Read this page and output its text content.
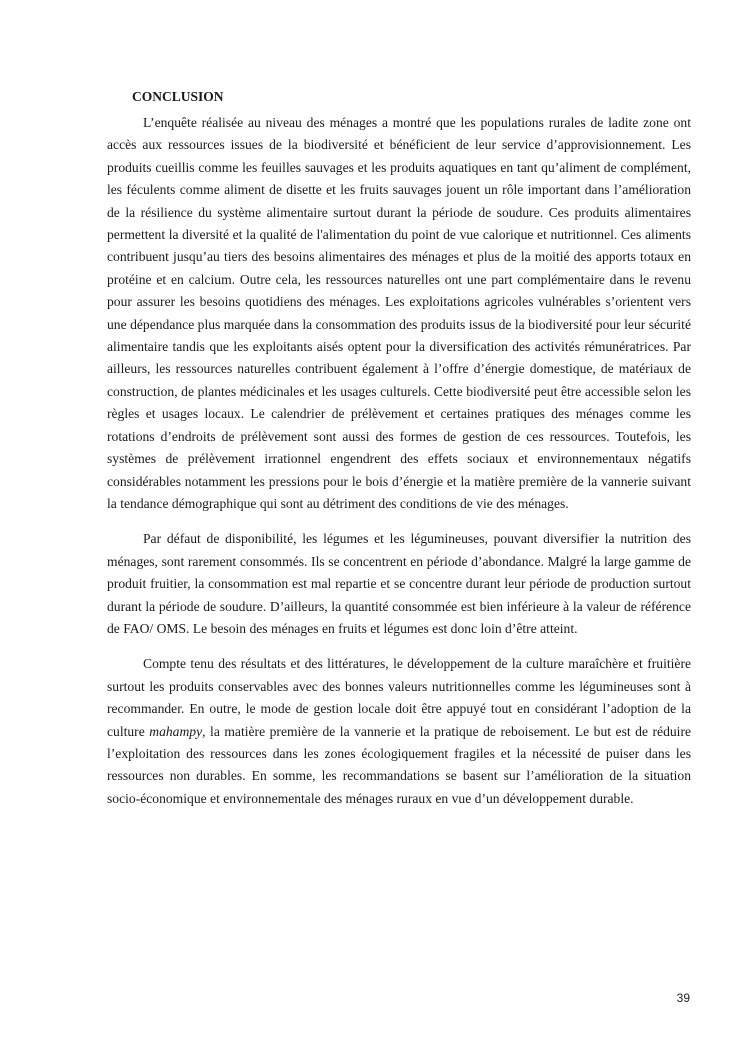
CONCLUSION

L’enquête réalisée au niveau des ménages a montré que les populations rurales de ladite zone ont accès aux ressources issues de la biodiversité et bénéficient de leur service d’approvisionnement. Les produits cueillis comme les feuilles sauvages et les produits aquatiques en tant qu’aliment de complément, les féculents comme aliment de disette et les fruits sauvages jouent un rôle important dans l’amélioration de la résilience du système alimentaire surtout durant la période de soudure. Ces produits alimentaires permettent la diversité et la qualité de l'alimentation du point de vue calorique et nutritionnel. Ces aliments contribuent jusqu’au tiers des besoins alimentaires des ménages et plus de la moitié des apports totaux en protéine et en calcium. Outre cela, les ressources naturelles ont une part complémentaire dans le revenu pour assurer les besoins quotidiens des ménages. Les exploitations agricoles vulnérables s’orientent vers une dépendance plus marquée dans la consommation des produits issus de la biodiversité pour leur sécurité alimentaire tandis que les exploitants aisés optent pour la diversification des activités rémunératrices. Par ailleurs, les ressources naturelles contribuent également à l’offre d’énergie domestique, de matériaux de construction, de plantes médicinales et les usages culturels. Cette biodiversité peut être accessible selon les règles et usages locaux. Le calendrier de prélèvement et certaines pratiques des ménages comme les rotations d’endroits de prélèvement sont aussi des formes de gestion de ces ressources. Toutefois, les systèmes de prélèvement irrationnel engendrent des effets sociaux et environnementaux négatifs considérables notamment les pressions pour le bois d’énergie et la matière première de la vannerie suivant la tendance démographique qui sont au détriment des conditions de vie des ménages.

Par défaut de disponibilité, les légumes et les légumineuses, pouvant diversifier la nutrition des ménages, sont rarement consommés. Ils se concentrent en période d’abondance. Malgré la large gamme de produit fruitier, la consommation est mal repartie et se concentre durant leur période de production surtout durant la période de soudure. D’ailleurs, la quantité consommée est bien inférieure à la valeur de référence de FAO/ OMS. Le besoin des ménages en fruits et légumes est donc loin d’être atteint.

Compte tenu des résultats et des littératures, le développement de la culture maraîchère et fruitière surtout les produits conservables avec des bonnes valeurs nutritionnelles comme les légumineuses sont à recommander. En outre, le mode de gestion locale doit être appuyé tout en considérant l’adoption de la culture mahampy, la matière première de la vannerie et la pratique de reboisement. Le but est de réduire l’exploitation des ressources dans les zones écologiquement fragiles et la nécessité de puiser dans les ressources non durables. En somme, les recommandations se basent sur l’amélioration de la situation socio-économique et environnementale des ménages ruraux en vue d’un développement durable.

39
